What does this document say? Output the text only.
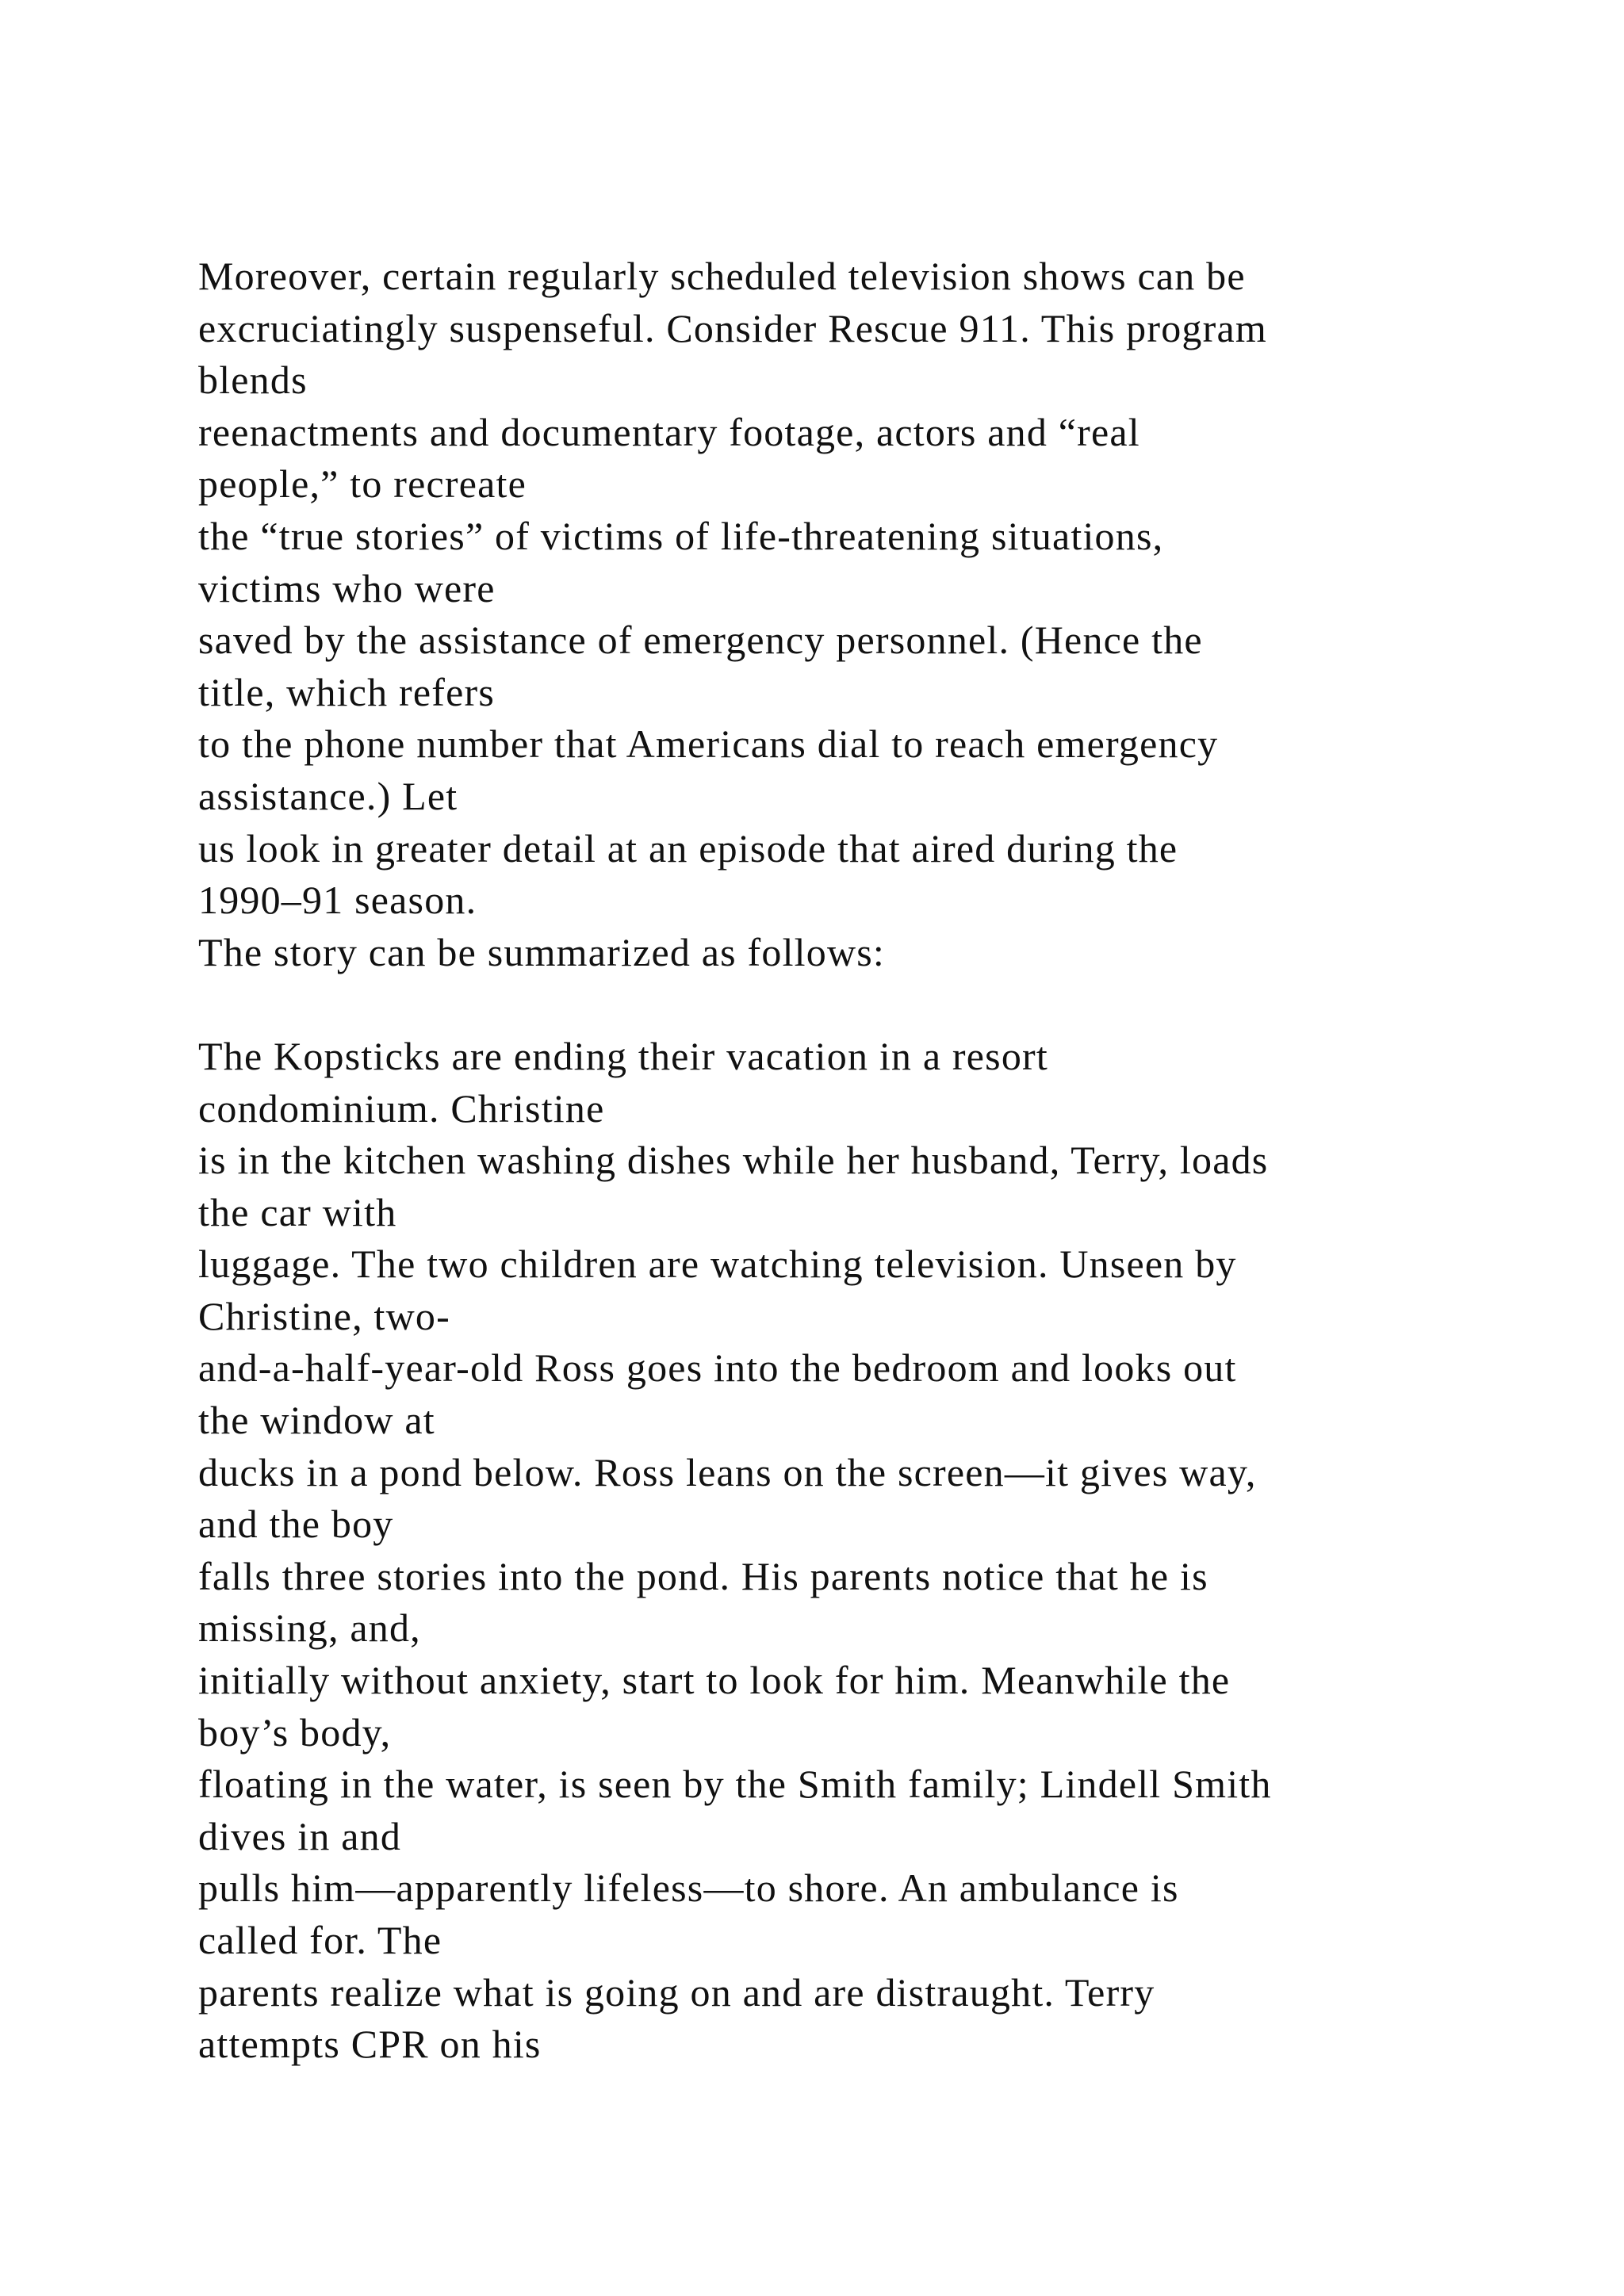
Moreover, certain regularly scheduled television shows can be
excruciatingly suspenseful. Consider Rescue 911. This program
blends
reenactments and documentary footage, actors and “real
people,” to recreate
the “true stories” of victims of life-threatening situations,
victims who were
saved by the assistance of emergency personnel. (Hence the
title, which refers
to the phone number that Americans dial to reach emergency
assistance.) Let
us look in greater detail at an episode that aired during the
1990–91 season.
The story can be summarized as follows:
The Kopsticks are ending their vacation in a resort
condominium. Christine
is in the kitchen washing dishes while her husband, Terry, loads
the car with
luggage. The two children are watching television. Unseen by
Christine, two-
and-a-half-year-old Ross goes into the bedroom and looks out
the window at
ducks in a pond below. Ross leans on the screen—it gives way,
and the boy
falls three stories into the pond. His parents notice that he is
missing, and,
initially without anxiety, start to look for him. Meanwhile the
boy’s body,
floating in the water, is seen by the Smith family; Lindell Smith
dives in and
pulls him—apparently lifeless—to shore. An ambulance is
called for. The
parents realize what is going on and are distraught. Terry
attempts CPR on his
